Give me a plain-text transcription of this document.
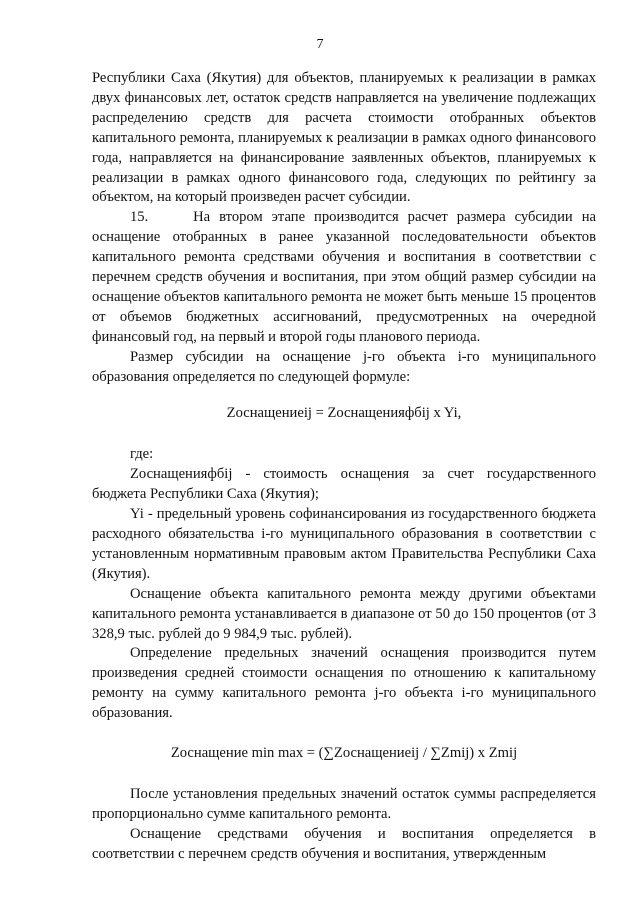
7

Республики Саха (Якутия) для объектов, планируемых к реализации в рамках двух финансовых лет, остаток средств направляется на увеличение подлежащих распределению средств для расчета стоимости отобранных объектов капитального ремонта, планируемых к реализации в рамках одного финансового года, направляется на финансирование заявленных объектов, планируемых к реализации в рамках одного финансового года, следующих по рейтингу за объектом, на который произведен расчет субсидии.

15.     На втором этапе производится расчет размера субсидии на оснащение отобранных в ранее указанной последовательности объектов капитального ремонта средствами обучения и воспитания в соответствии с перечнем средств обучения и воспитания, при этом общий размер субсидии на оснащение объектов капитального ремонта не может быть меньше 15 процентов от объемов бюджетных ассигнований, предусмотренных на очередной финансовый год, на первый и второй годы планового периода.

Размер субсидии на оснащение j-го объекта i-го муниципального образования определяется по следующей формуле:

Zоснащениеij = Zоснащенияфбij x Yi,

где:

Zоснащенияфбij - стоимость оснащения за счет государственного бюджета Республики Саха (Якутия);

Yi - предельный уровень софинансирования из государственного бюджета расходного обязательства i-го муниципального образования в соответствии с установленным нормативным правовым актом Правительства Республики Саха (Якутия).

Оснащение объекта капитального ремонта между другими объектами капитального ремонта устанавливается в диапазоне от 50 до 150 процентов (от 3 328,9 тыс. рублей до 9 984,9 тыс. рублей).

Определение предельных значений оснащения производится путем произведения средней стоимости оснащения по отношению к капитальному ремонту на сумму капитального ремонта j-го объекта i-го муниципального образования.

Zоснащение min max = (∑Zоснащениеij / ∑Zmij) x Zmij

После установления предельных значений остаток суммы распределяется пропорционально сумме капитального ремонта.

Оснащение средствами обучения и воспитания определяется в соответствии с перечнем средств обучения и воспитания, утвержденным
